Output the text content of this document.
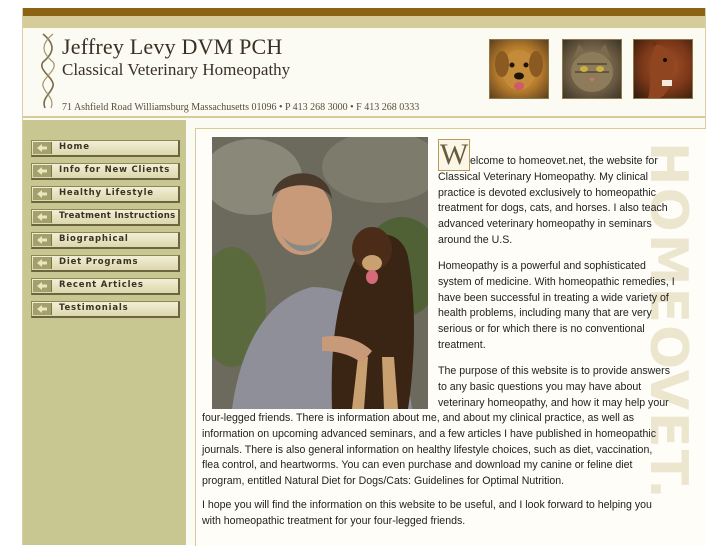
Jeffrey Levy DVM PCH
Classical Veterinary Homeopathy
71 Ashfield Road Williamsburg Massachusetts 01096 • P 413 268 3000 • F 413 268 0333
Home
Info for New Clients
Healthy Lifestyle
Treatment Instructions
Biographical
Diet Programs
Recent Articles
Testimonials	HOMEOVET.
W elcome to homeovet.net, the website for
Classical Veterinary Homeopathy. My clinical
practice is devoted exclusively to homeopathic
treatment for dogs, cats, and horses. I also teach
advanced veterinary homeopathy in seminars
around the U.S.
Homeopathy is a powerful and sophisticated
system of medicine. With homeopathic remedies, I
have been successful in treating a wide variety of
health problems, including many that are very
serious or for which there is no conventional
treatment.
The purpose of this website is to provide answers
to any basic questions you may have about
veterinary homeopathy, and how it may help your
four-legged friends. There is information about me, and about my clinical practice, as well as
information on upcoming advanced seminars, and a few articles I have published in homeopathic
journals. There is also general information on healthy lifestyle choices, such as diet, vaccination,
flea control, and heartworms. You can even purchase and download my canine or feline diet
program, entitled Natural Diet for Dogs/Cats: Guidelines for Optimal Nutrition.
I hope you will find the information on this website to be useful, and I look forward to helping you
with homeopathic treatment for your four-legged friends.
